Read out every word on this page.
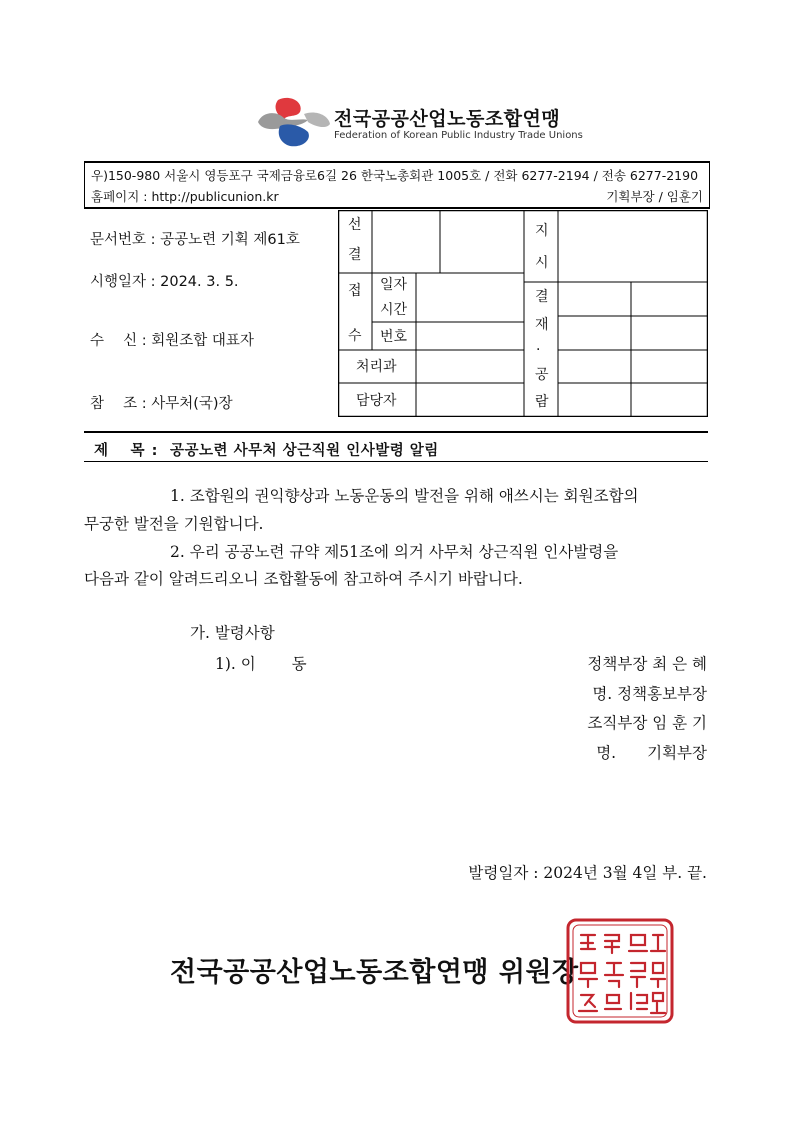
전국공공산업노동조합연맹
Federation of Korean Public Industry Trade Unions
우)150-980 서울시 영등포구 국제금융로6길 26 한국노총회관 1005호 / 전화 6277-2194 / 전송 6277-2190
홈페이지 : http://publicunion.kr	기획부장 / 임훈기
문서번호 : 공공노련 기획 제61호
시행일자 : 2024. 3. 5.
수　 신 : 회원조합 대표자
참　 조 : 사무처(국)장
선
결
지
시
접
수
일자
시간
번호
처리과
담당자
결
재
·
공
람
제　 목 : 공공노련 사무처 상근직원 인사발령 알림
1. 조합원의 권익향상과 노동운동의 발전을 위해 애쓰시는 회원조합의
무궁한 발전을 기원합니다.
2. 우리 공공노련 규약 제51조에 의거 사무처 상근직원 인사발령을
다음과 같이 알려드리오니 조합활동에 참고하여 주시기 바랍니다.
가. 발령사항
1). 이　　 동	정책부장 최 은 혜
명. 정책홍보부장
조직부장 임 훈 기
명.　　기획부장
발령일자 : 2024년 3월 4일 부. 끝.
전국공공산업노동조합연맹 위원장
